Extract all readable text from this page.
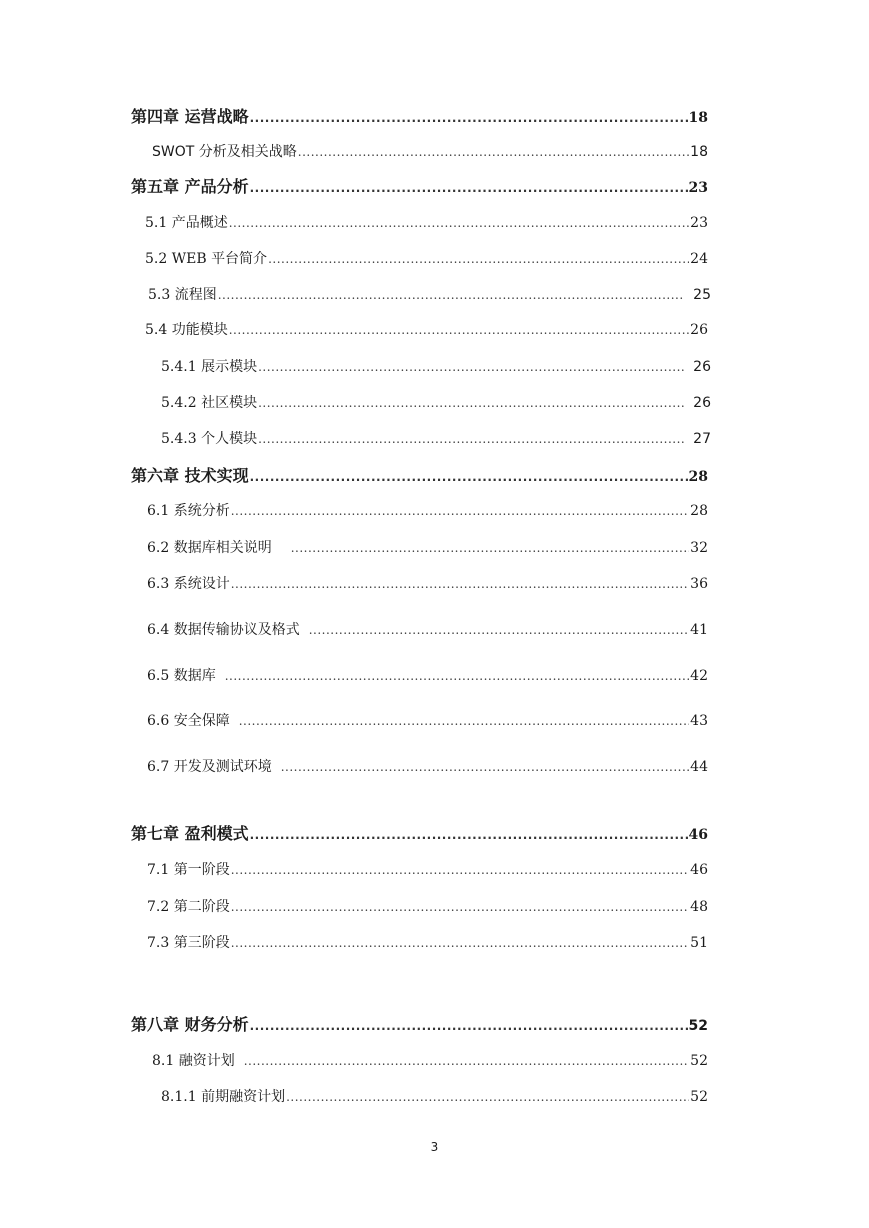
第四章 运营战略 .....	18
SWOT 分析及相关战略 .....	18
第五章 产品分析 .....	23
5.1 产品概述 .....	23
5.2 WEB 平台简介 .....	24
5.3 流程图 .....	25
5.4 功能模块 .....	26
5.4.1 展示模块 .....	26
5.4.2 社区模块 .....	26
5.4.3 个人模块 .....	27
第六章 技术实现 .....	28
6.1 系统分析 .....	28
6.2 数据库相关说明 .....	32
6.3 系统设计 .....	36
6.4 数据传输协议及格式 .....	41
6.5 数据库 .....	42
6.6 安全保障 .....	43
6.7 开发及测试环境 .....	44
第七章 盈利模式 .....	46
7.1 第一阶段 .....	46
7.2 第二阶段 .....	48
7.3 第三阶段 .....	51
第八章 财务分析 .....	52
8.1 融资计划 .....	52
8.1.1 前期融资计划 .....	52
3
